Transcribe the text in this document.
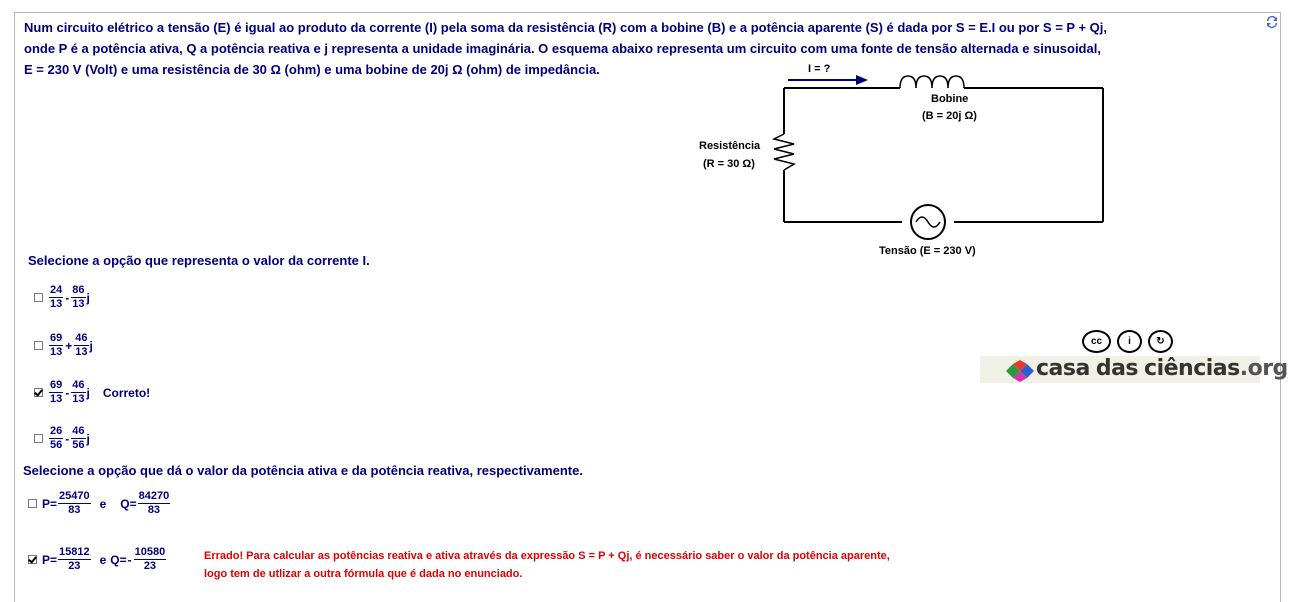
Num circuito elétrico a tensão (E) é igual ao produto da corrente (I) pela soma da resistência (R) com a bobine (B) e a potência aparente (S) é dada por S = E.I ou por S = P + Qj,
onde P é a potência ativa, Q a potência reativa e j representa a unidade imaginária. O esquema abaixo representa um circuito com uma fonte de tensão alternada e sinusoidal,
E = 230 V (Volt) e uma resistência de 30 Ω (ohm) e uma bobine de 20j Ω (ohm) de impedância.	I = ?
Bobine
(B = 20j Ω)
Resistência
(R = 30 Ω)
Tensão (E = 230 V)
Selecione a opção que representa o valor da corrente I.
$\frac{24}{13} - \frac{86}{13}$ j
$\frac{69}{13} + \frac{46}{13}$ j
$\frac{69}{13} - \frac{46}{13}$ j Correto!
$\frac{26}{56} - \frac{46}{56}$ j
Selecione a opção que dá o valor da potência ativa e da potência reativa, respectivamente.
$P= \frac{25470}{83}$ e $Q= \frac{84270}{83}$
$P= \frac{15812}{23}$ e $Q= - \frac{10580}{23}$	Errado! Para calcular as potências reativa e ativa através da expressão S = P + Qj, é necessário saber o valor da potência aparente,
logo tem de utlizar a outra fórmula que é dada no enunciado.
cc	i	↻
casa das ciências.org
